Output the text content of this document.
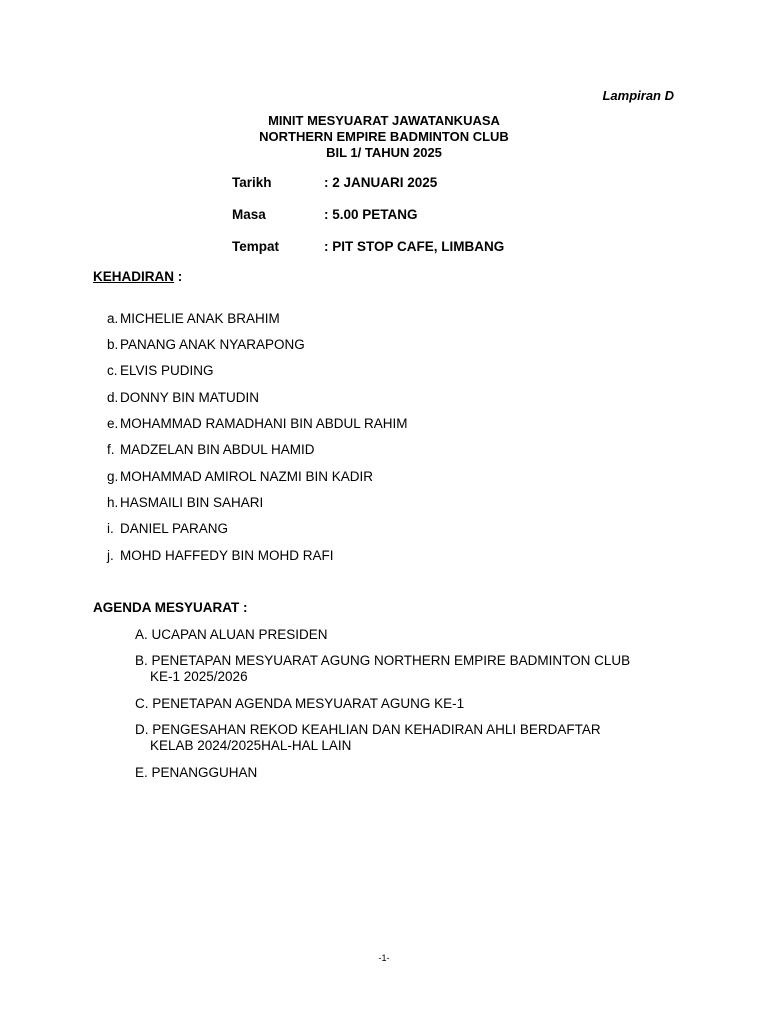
Lampiran D
MINIT MESYUARAT JAWATANKUASA
NORTHERN EMPIRE BADMINTON CLUB
BIL 1/ TAHUN 2025
Tarikh	: 2 JANUARI 2025
Masa	: 5.00 PETANG
Tempat	: PIT STOP CAFE, LIMBANG
KEHADIRAN :
a. MICHELIE ANAK BRAHIM
b. PANANG ANAK NYARAPONG
c. ELVIS PUDING
d. DONNY BIN MATUDIN
e. MOHAMMAD RAMADHANI BIN ABDUL RAHIM
f. MADZELAN BIN ABDUL HAMID
g. MOHAMMAD AMIROL NAZMI BIN KADIR
h. HASMAILI BIN SAHARI
i. DANIEL PARANG
j. MOHD HAFFEDY BIN MOHD RAFI
AGENDA MESYUARAT :
A. UCAPAN ALUAN PRESIDEN
B. PENETAPAN MESYUARAT AGUNG NORTHERN EMPIRE BADMINTON CLUB
KE-1 2025/2026
C. PENETAPAN AGENDA MESYUARAT AGUNG KE-1
D. PENGESAHAN REKOD KEAHLIAN DAN KEHADIRAN AHLI BERDAFTAR
KELAB 2024/2025HAL-HAL LAIN
E. PENANGGUHAN
-1-
